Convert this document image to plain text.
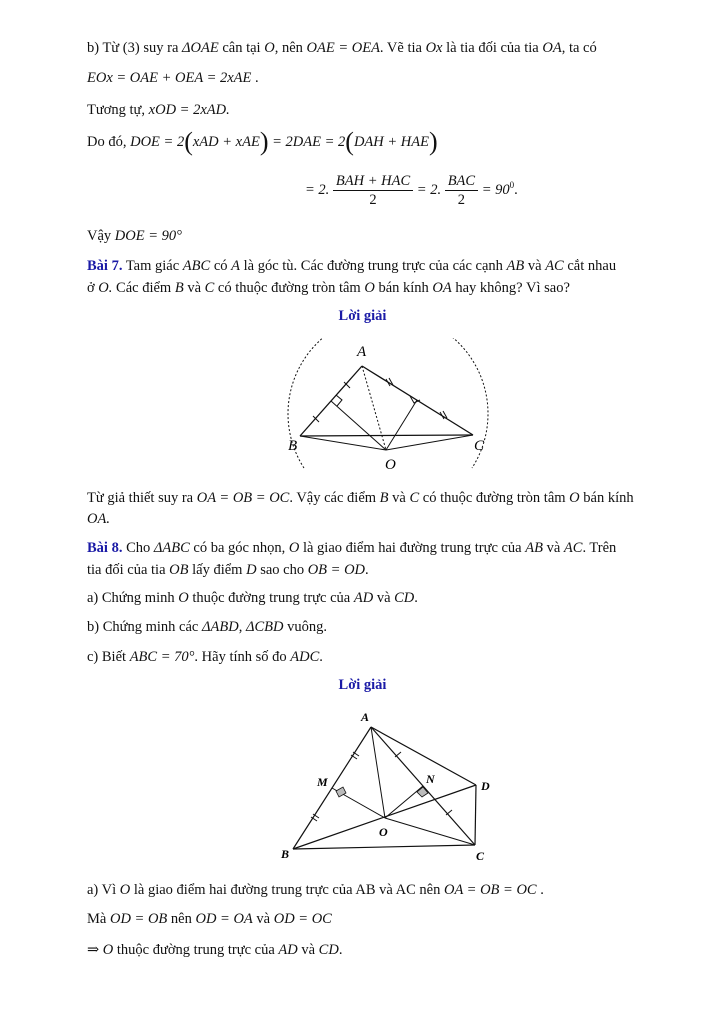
b) Từ (3) suy ra ΔOAE cân tại O, nên OAE = OEA. Vẽ tia Ox là tia đối của tia OA, ta có
EOx = OAE + OEA = 2xAE .
Tương tự, xOD = 2xAD.
Do đó, DOE = 2(xAD + xAE) = 2DAE = 2(DAH + HAE)
= 2. $\frac{\text{BAH + HAC}}{2} = 2$. $\frac{\text{BAC}}{2} = 90^0$.
Vậy DOE = 90°
Bài 7. Tam giác ABC có A là góc tù. Các đường trung trực của các cạnh AB và AC cắt nhau
ở O. Các điểm B và C có thuộc đường tròn tâm O bán kính OA hay không? Vì sao?
Lời giải
A
B	C
O
Từ giả thiết suy ra OA = OB = OC. Vậy các điểm B và C có thuộc đường tròn tâm O bán kính
OA.
Bài 8. Cho ΔABC có ba góc nhọn, O là giao điểm hai đường trung trực của AB và AC. Trên
tia đối của tia OB lấy điểm D sao cho OB = OD.
a) Chứng minh O thuộc đường trung trực của AD và CD.
b) Chứng minh các ΔABD, ΔCBD vuông.
c) Biết ABC = 70°. Hãy tính số đo ADC.
Lời giải
A
B	C
D
M	N
O
a) Vì O là giao điểm hai đường trung trực của AB và AC nên OA = OB = OC .
Mà OD = OB nên OD = OA và OD = OC
⇒ O thuộc đường trung trực của AD và CD.
